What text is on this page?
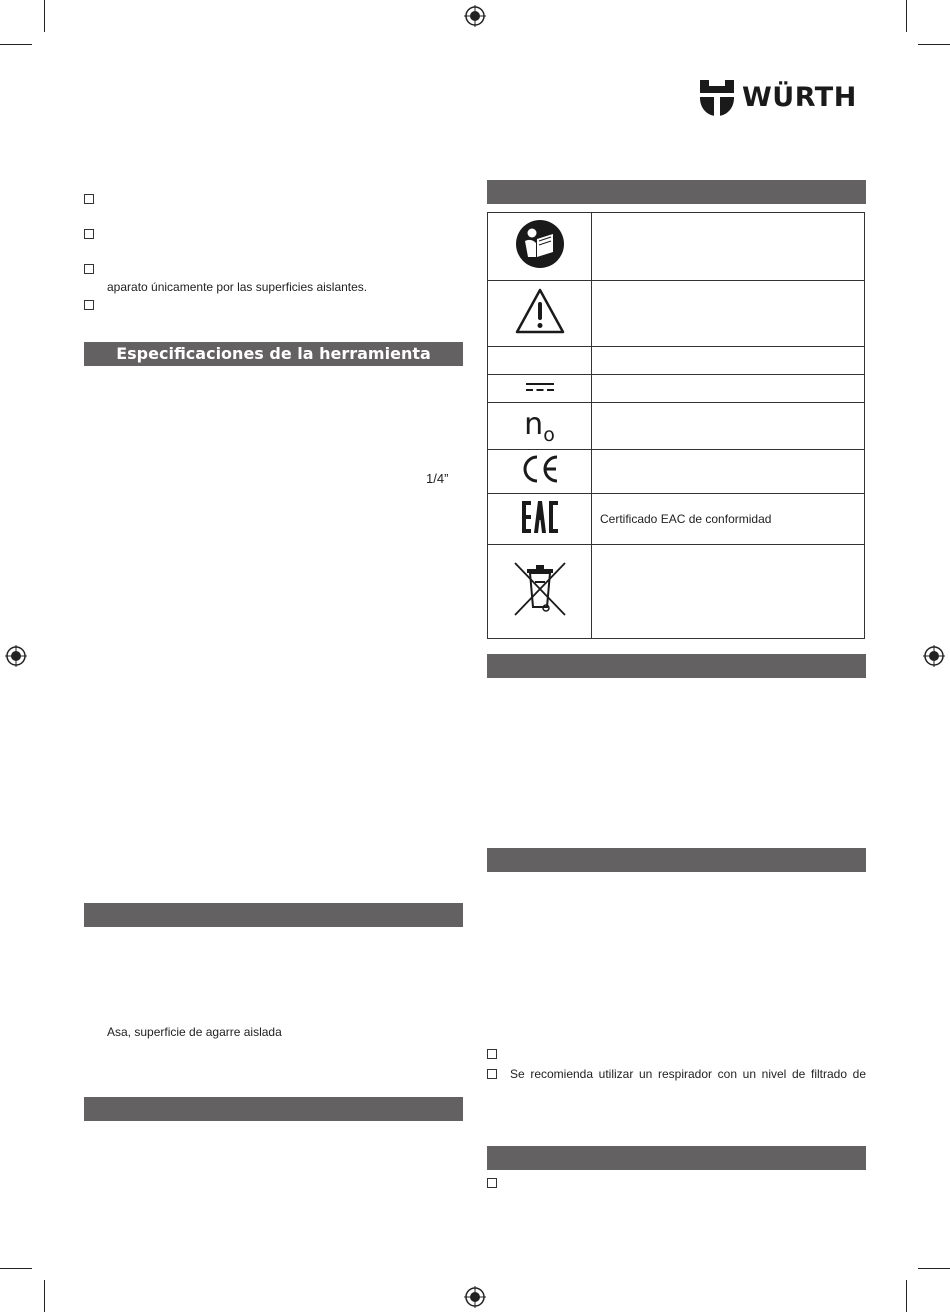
WÜRTH
aparato únicamente por las superficies aislantes.
Especificaciones de la herramienta
1/4”
Asa, superficie de agarre aislada

$n_o$	

	Certificado EAC de conformidad

Se recomienda utilizar un respirador con un nivel de filtrado de
